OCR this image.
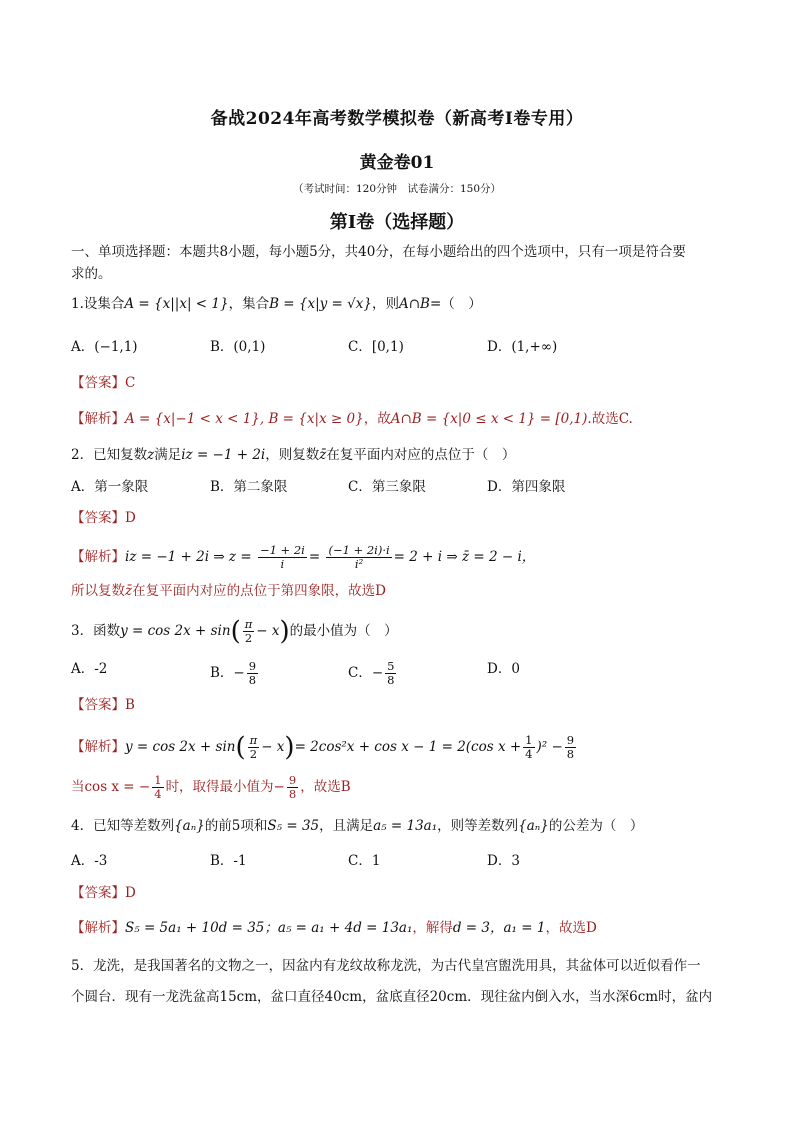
备战2024年高考数学模拟卷（新高考Ⅰ卷专用）
黄金卷01
（考试时间：120分钟　试卷满分：150分）
第Ⅰ卷（选择题）
一、单项选择题：本题共8小题，每小题5分，共40分，在每小题给出的四个选项中，只有一项是符合要
求的。
1.设集合A = {x||x| < 1}，集合B = {x|y = √x}，则A∩B=（　）
A．(−1,1)	B．(0,1)	C．[0,1)	D．(1,+∞)
【答案】C
【解析】A = {x|−1 < x < 1}, B = {x|x ≥ 0}，故A∩B = {x|0 ≤ x < 1} = [0,1).故选C.
2．已知复数z满足iz = −1 + 2i，则复数z̄在复平面内对应的点位于（　）
A．第一象限	B．第二象限	C．第三象限	D．第四象限
【答案】D
【解析】iz = −1 + 2i ⇒ $z = \frac{-1 + 2i}{i} = \frac{(-1 + 2i)\cdot i}{\text{i²}} = 2 + i$ ⇒ z̄ = 2 − i，
所以复数z̄在复平面内对应的点位于第四象限，故选D
3．函数$y = \cos 2x + \sin( \frac{\pi}{2} - x)$的最小值为（　）
A．-2	B．− $\frac{9}{8}$	C．− $\frac{5}{8}$	D．0
【答案】B
【解析】$y = \cos 2x + \sin( \frac{\pi}{2} - x)= 2\cos^2x + \cos x - 1 = 2(\cos$ $x + \frac{1}{4} )^2 - \frac{9}{8}$
当cos x = − $\frac{1}{4}$ 时，取得最小值为− $\frac{9}{8}$ ，故选B
4．已知等差数列{aₙ}的前5项和S₅ = 35，且满足a₅ = 13a₁，则等差数列{aₙ}的公差为（　）
A．-3	B．-1	C．1	D．3
【答案】D
【解析】S₅ = 5a₁ + 10d = 35；a₅ = a₁ + 4d = 13a₁，解得d = 3，a₁ = 1，故选D
5．龙洗，是我国著名的文物之一，因盆内有龙纹故称龙洗，为古代皇宫盥洗用具，其盆体可以近似看作一
个圆台．现有一龙洗盆高15cm，盆口直径40cm，盆底直径20cm．现往盆内倒入水，当水深6cm时，盆内
